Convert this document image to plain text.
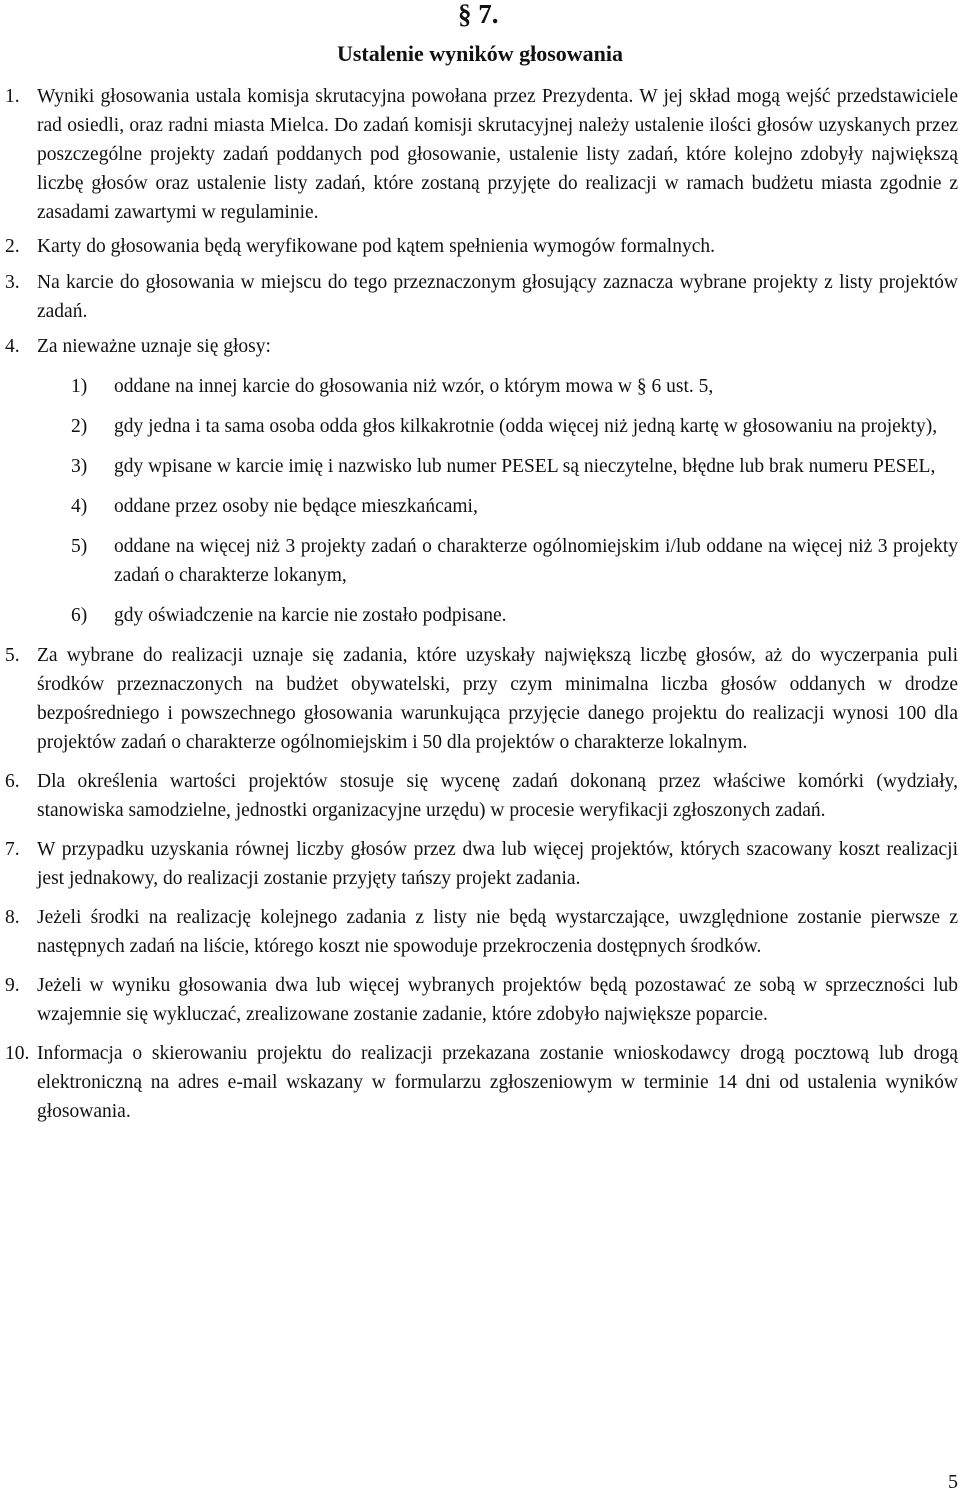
§ 7.
Ustalenie wyników głosowania
1. Wyniki głosowania ustala komisja skrutacyjna powołana przez Prezydenta. W jej skład mogą wejść przedstawiciele rad osiedli, oraz radni miasta Mielca. Do zadań komisji skrutacyjnej należy ustalenie ilości głosów uzyskanych przez poszczególne projekty zadań poddanych pod głosowanie, ustalenie listy zadań, które kolejno zdobyły największą liczbę głosów oraz ustalenie listy zadań, które zostaną przyjęte do realizacji w ramach budżetu miasta zgodnie z zasadami zawartymi w regulaminie.
2. Karty do głosowania będą weryfikowane pod kątem spełnienia wymogów formalnych.
3. Na karcie do głosowania w miejscu do tego przeznaczonym głosujący zaznacza wybrane projekty z listy projektów zadań.
4. Za nieważne uznaje się głosy:
1) oddane na innej karcie do głosowania niż wzór, o którym mowa w § 6 ust. 5,
2) gdy jedna i ta sama osoba odda głos kilkakrotnie (odda więcej niż jedną kartę w głosowaniu na projekty),
3) gdy wpisane w karcie imię i nazwisko lub numer PESEL są nieczytelne, błędne lub brak numeru PESEL,
4) oddane przez osoby nie będące mieszkańcami,
5) oddane na więcej niż 3 projekty zadań o charakterze ogólnomiejskim i/lub oddane na więcej niż 3 projekty zadań o charakterze lokanym,
6) gdy oświadczenie na karcie nie zostało podpisane.
5. Za wybrane do realizacji uznaje się zadania, które uzyskały największą liczbę głosów, aż do wyczerpania puli środków przeznaczonych na budżet obywatelski, przy czym minimalna liczba głosów oddanych w drodze bezpośredniego i powszechnego głosowania warunkująca przyjęcie danego projektu do realizacji wynosi 100 dla projektów zadań o charakterze ogólnomiejskim i 50 dla projektów o charakterze lokalnym.
6. Dla określenia wartości projektów stosuje się wycenę zadań dokonaną przez właściwe komórki (wydziały, stanowiska samodzielne, jednostki organizacyjne urzędu) w procesie weryfikacji zgłoszonych zadań.
7. W przypadku uzyskania równej liczby głosów przez dwa lub więcej projektów, których szacowany koszt realizacji jest jednakowy, do realizacji zostanie przyjęty tańszy projekt zadania.
8. Jeżeli środki na realizację kolejnego zadania z listy nie będą wystarczające, uwzględnione zostanie pierwsze z następnych zadań na liście, którego koszt nie spowoduje przekroczenia dostępnych środków.
9. Jeżeli w wyniku głosowania dwa lub więcej wybranych projektów będą pozostawać ze sobą w sprzeczności lub wzajemnie się wykluczać, zrealizowane zostanie zadanie, które zdobyło największe poparcie.
10. Informacja o skierowaniu projektu do realizacji przekazana zostanie wnioskodawcy drogą pocztową lub drogą elektroniczną na adres e-mail wskazany w formularzu zgłoszeniowym w terminie 14 dni od ustalenia wyników głosowania.
5
